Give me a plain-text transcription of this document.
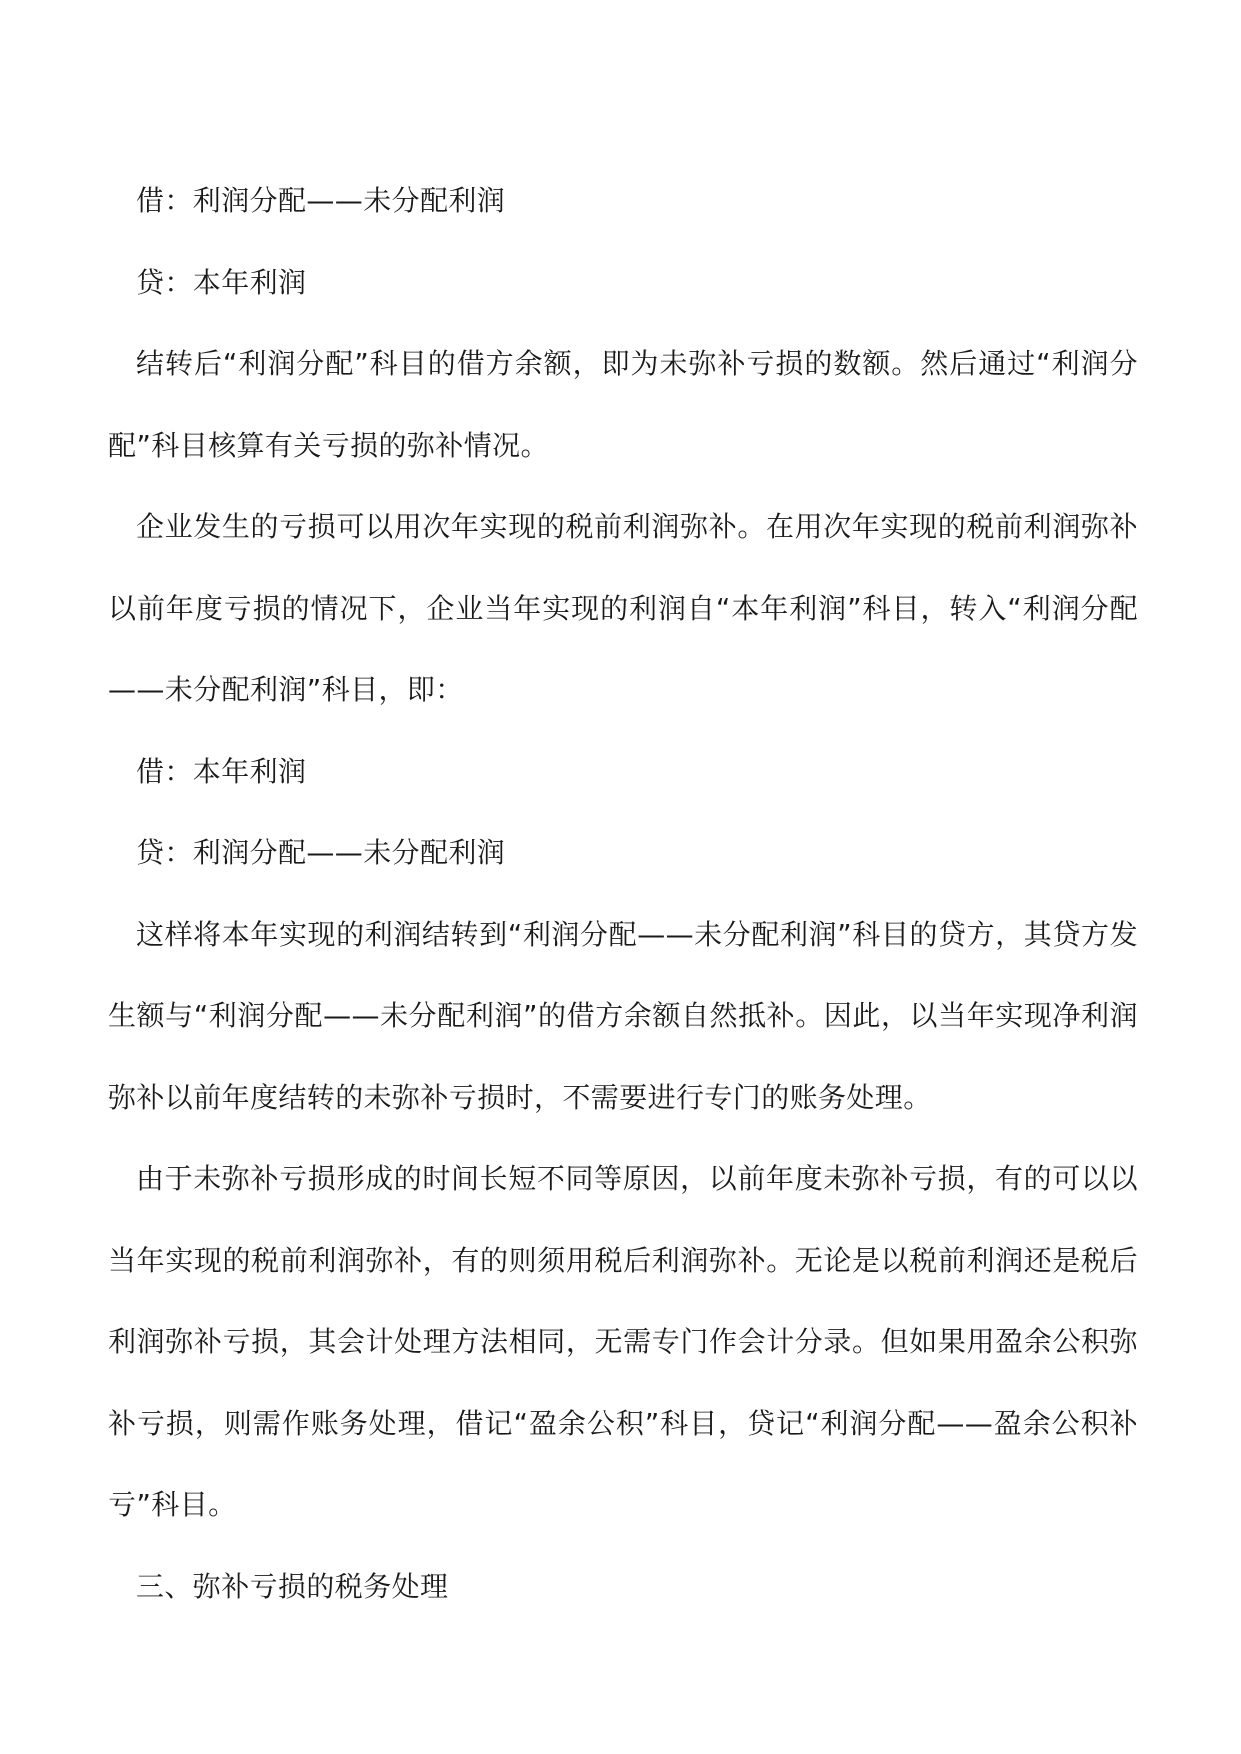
借：利润分配——未分配利润

贷：本年利润

结转后“利润分配”科目的借方余额，即为未弥补亏损的数额。然后通过“利润分配”科目核算有关亏损的弥补情况。

企业发生的亏损可以用次年实现的税前利润弥补。在用次年实现的税前利润弥补以前年度亏损的情况下，企业当年实现的利润自“本年利润”科目，转入“利润分配——未分配利润”科目，即：

借：本年利润

贷：利润分配——未分配利润

这样将本年实现的利润结转到“利润分配——未分配利润”科目的贷方，其贷方发生额与“利润分配——未分配利润”的借方余额自然抵补。因此，以当年实现净利润弥补以前年度结转的未弥补亏损时，不需要进行专门的账务处理。

由于未弥补亏损形成的时间长短不同等原因，以前年度未弥补亏损，有的可以以当年实现的税前利润弥补，有的则须用税后利润弥补。无论是以税前利润还是税后利润弥补亏损，其会计处理方法相同，无需专门作会计分录。但如果用盈余公积弥补亏损，则需作账务处理，借记“盈余公积”科目，贷记“利润分配——盈余公积补亏”科目。

三、弥补亏损的税务处理
